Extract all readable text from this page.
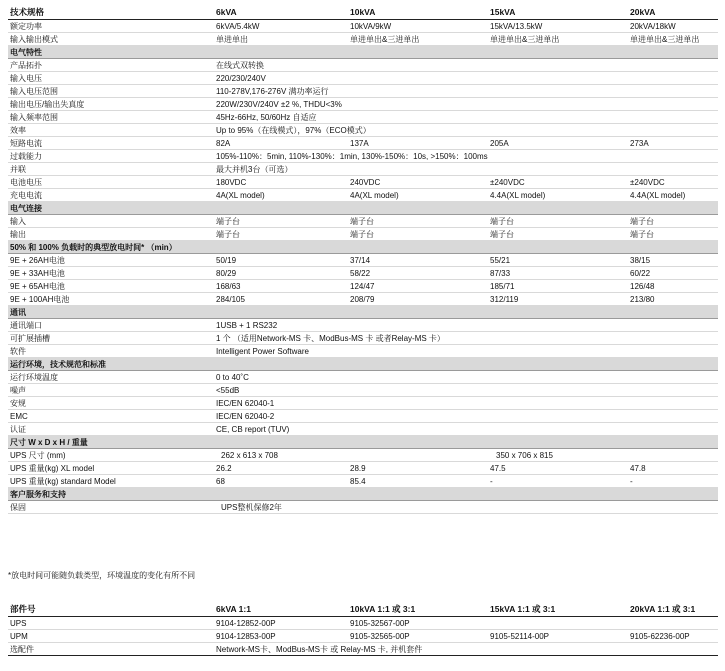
技术规格	6kVA	10kVA	15kVA	20kVA
额定功率	6kVA/5.4kW	10kVA/9kW	15kVA/13.5kW	20kVA/18kW
输入输出模式	单进单出	单进单出&三进单出	单进单出&三进单出	单进单出&三进单出
电气特性
产品拓扑	在线式双转换
输入电压	220/230/240V
输入电压范围	110-278V,176-276V 满功率运行
输出电压/输出失真度	220W/230V/240V ±2 %, THDU<3%
输入频率范围	45Hz-66Hz, 50/60Hz 自适应
效率	Up to 95%（在线模式），97%（ECO模式）
短路电流	82A	137A	205A	273A
过载能力	105%-110%：5min, 110%-130%：1min, 130%-150%：10s, >150%：100ms
并联	最大并机3台（可选）
电池电压	180VDC	240VDC	±240VDC	±240VDC
充电电流	4A(XL model)	4A(XL model)	4.4A(XL model)	4.4A(XL model)
电气连接
输入	端子台	端子台	端子台	端子台
输出	端子台	端子台	端子台	端子台
50% 和 100% 负载时的典型放电时间* （min）
9E + 26AH电池	50/19	37/14	55/21	38/15
9E + 33AH电池	80/29	58/22	87/33	60/22
9E + 65AH电池	168/63	124/47	185/71	126/48
9E + 100AH电池	284/105	208/79	312/119	213/80
通讯
通讯端口	1USB + 1 RS232
可扩展插槽	1 个 （适用Network-MS 卡、ModBus-MS 卡 或者Relay-MS 卡）
软件	Intelligent Power Software
运行环境，技术规范和标准
运行环境温度	0 to 40˚C
噪声	<55dB
安规	IEC/EN 62040-1
EMC	IEC/EN 62040-2
认证	CE, CB report (TUV)
尺寸 W x D x H / 重量
UPS 尺寸 (mm)	262 x 613 x 708	350 x 706 x 815
UPS 重量(kg) XL model	26.2	28.9	47.5	47.8
UPS 重量(kg) standard Model	68	85.4	-	-
客户服务和支持
保固	UPS整机保修2年
*放电时间可能随负载类型，环境温度的变化有所不同
部件号	6kVA 1:1	10kVA 1:1 或 3:1	15kVA 1:1 或 3:1	20kVA 1:1 或 3:1
UPS	9104-12852-00P	9105-32567-00P
UPM	9104-12853-00P	9105-32565-00P	9105-52114-00P	9105-62236-00P
选配件	Network-MS卡、ModBus-MS卡 或 Relay-MS 卡, 并机套件
